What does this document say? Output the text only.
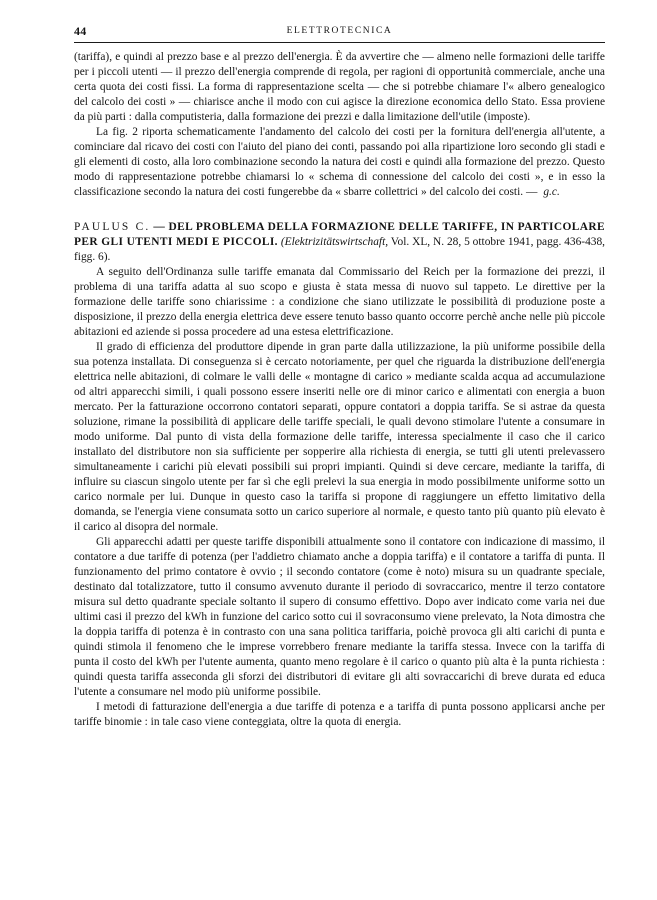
44	ELETTROTECNICA

(tariffa), e quindi al prezzo base e al prezzo dell'energia. È da avvertire che — almeno nelle formazioni delle tariffe per i piccoli utenti — il prezzo dell'energia comprende di regola, per ragioni di opportunità commerciale, anche una certa quota dei costi fissi. La forma di rappresentazione scelta — che si potrebbe chiamare l'« albero genealogico del calcolo dei costi » — chiarisce anche il modo con cui agisce la direzione economica dello Stato. Essa proviene da più parti : dalla computisteria, dalla formazione dei prezzi e dalla limitazione dell'utile (imposte).

La fig. 2 riporta schematicamente l'andamento del calcolo dei costi per la fornitura dell'energia all'utente, a cominciare dal ricavo dei costi con l'aiuto del piano dei conti, passando poi alla ripartizione loro secondo gli stadi e gli elementi di costo, alla loro combinazione secondo la natura dei costi e quindi alla formazione del prezzo. Questo modo di rappresentazione potrebbe chiamarsi lo « schema di connessione del calcolo dei costi », e in esso la classificazione secondo la natura dei costi fungerebbe da « sbarre collettrici » del calcolo dei costi. — g.c.

PAULUS C. — DEL PROBLEMA DELLA FORMAZIONE DELLE TARIFFE, IN PARTICOLARE PER GLI UTENTI MEDI E PICCOLI. (Elektrizitätswirtschaft, Vol. XL, N. 28, 5 ottobre 1941, pagg. 436-438, figg. 6).

A seguito dell'Ordinanza sulle tariffe emanata dal Commissario del Reich per la formazione dei prezzi, il problema di una tariffa adatta al suo scopo e giusta è stata messa di nuovo sul tappeto. Le direttive per la formazione delle tariffe sono chiarissime : a condizione che siano utilizzate le possibilità di produzione poste a disposizione, il prezzo della energia elettrica deve essere tenuto basso quanto occorre perchè anche nelle più piccole abitazioni ed aziende si possa procedere ad una estesa elettrificazione.

Il grado di efficienza del produttore dipende in gran parte dalla utilizzazione, la più uniforme possibile della sua potenza installata. Di conseguenza si è cercato notoriamente, per quel che riguarda la distribuzione dell'energia elettrica nelle abitazioni, di colmare le valli delle « montagne di carico » mediante scalda acqua ad accumulazione od altri apparecchi simili, i quali possono essere inseriti nelle ore di minor carico e alimentati con energia a buon mercato. Per la fatturazione occorrono contatori separati, oppure contatori a doppia tariffa. Se si astrae da questa soluzione, rimane la possibilità di applicare delle tariffe speciali, le quali devono stimolare l'utente a consumare in modo uniforme. Dal punto di vista della formazione delle tariffe, interessa specialmente il caso che il carico installato del distributore non sia sufficiente per sopperire alla richiesta di energia, se tutti gli utenti prelevassero simultaneamente i carichi più elevati possibili sui propri impianti. Quindi si deve cercare, mediante la tariffa, di influire su ciascun singolo utente per far sì che egli prelevi la sua energia in modo possibilmente uniforme sotto un carico normale per lui. Dunque in questo caso la tariffa si propone di raggiungere un effetto limitativo della domanda, se l'energia viene consumata sotto un carico superiore al normale, e questo tanto più quanto più elevato è il carico al disopra del normale.

Gli apparecchi adatti per queste tariffe disponibili attualmente sono il contatore con indicazione di massimo, il contatore a due tariffe di potenza (per l'addietro chiamato anche a doppia tariffa) e il contatore a tariffa di punta. Il funzionamento del primo contatore è ovvio ; il secondo contatore (come è noto) misura su un quadrante speciale, destinato dal totalizzatore, tutto il consumo avvenuto durante il periodo di sovraccarico, mentre il terzo contatore misura sul detto quadrante speciale soltanto il supero di consumo effettivo. Dopo aver indicato come varia nei due ultimi casi il prezzo del kWh in funzione del carico sotto cui il sovraconsumo viene prelevato, la Nota dimostra che la doppia tariffa di potenza è in contrasto con una sana politica tariffaria, poichè provoca gli alti carichi di punta e quindi stimola il fenomeno che le imprese vorrebbero frenare mediante la tariffa stessa. Invece con la tariffa di punta il costo del kWh per l'utente aumenta, quanto meno regolare è il carico o quanto più alta è la punta richiesta : quindi questa tariffa asseconda gli sforzi dei distributori di evitare gli alti sovraccarichi di breve durata ed educa l'utente a consumare nel modo più uniforme possibile.

I metodi di fatturazione dell'energia a due tariffe di potenza e a tariffa di punta possono applicarsi anche per tariffe binomie : in tale caso viene conteggiata, oltre la quota di energia.
